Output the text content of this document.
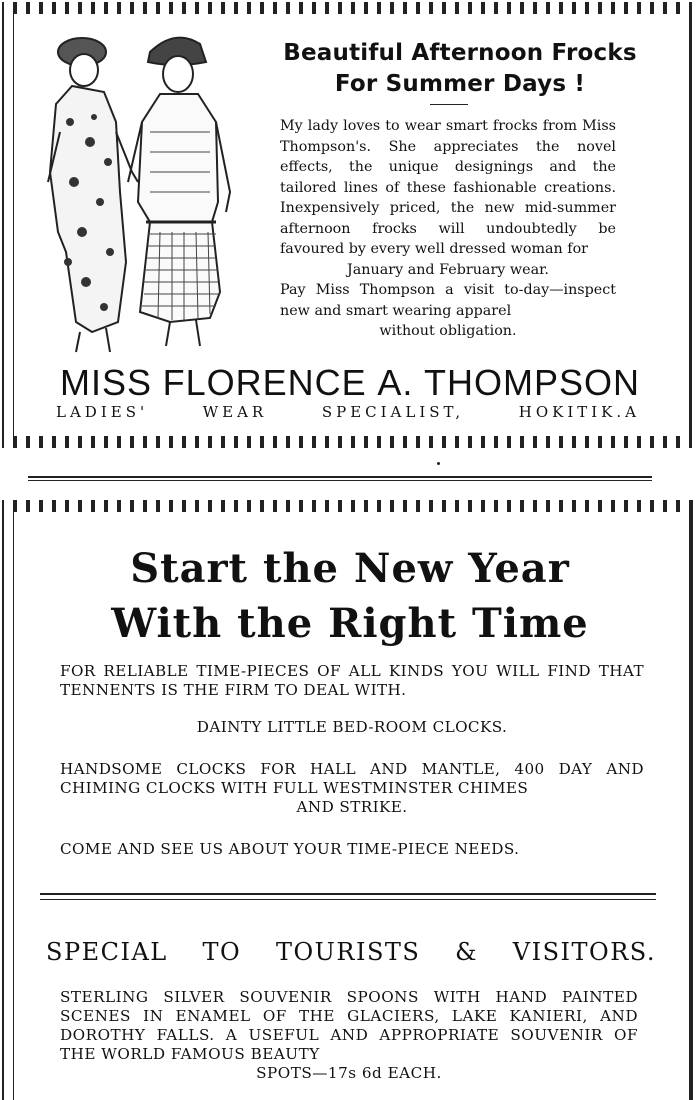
Beautiful Afternoon Frocks
For Summer Days !

My lady loves to wear smart frocks from Miss Thompson's. She appreciates the novel effects, the unique designings and the tailored lines of these fashionable creations. Inexpensively priced, the new mid-summer afternoon frocks will undoubtedly be favoured by every well dressed woman for

January and February wear.

Pay Miss Thompson a visit to-day—inspect new and smart wearing apparel

without obligation.

MISS FLORENCE A. THOMPSON
LADIES'	WEAR	SPECIALIST,	HOKITIK.A
Start the New Year
With the Right Time
FOR RELIABLE TIME-PIECES OF ALL KINDS YOU WILL FIND THAT TENNENTS IS THE FIRM TO DEAL WITH.
DAINTY LITTLE BED-ROOM CLOCKS.
HANDSOME CLOCKS FOR HALL AND MANTLE, 400 DAY AND CHIMING CLOCKS WITH FULL WESTMINSTER CHIMES
AND STRIKE.
COME AND SEE US ABOUT YOUR TIME-PIECE NEEDS.
SPECIAL TO TOURISTS & VISITORS.
STERLING SILVER SOUVENIR SPOONS WITH HAND PAINTED SCENES IN ENAMEL OF THE GLACIERS, LAKE KANIERI, AND DOROTHY FALLS. A USEFUL AND APPROPRIATE SOUVENIR OF THE WORLD FAMOUS BEAUTY
SPOTS—17s 6d EACH.
